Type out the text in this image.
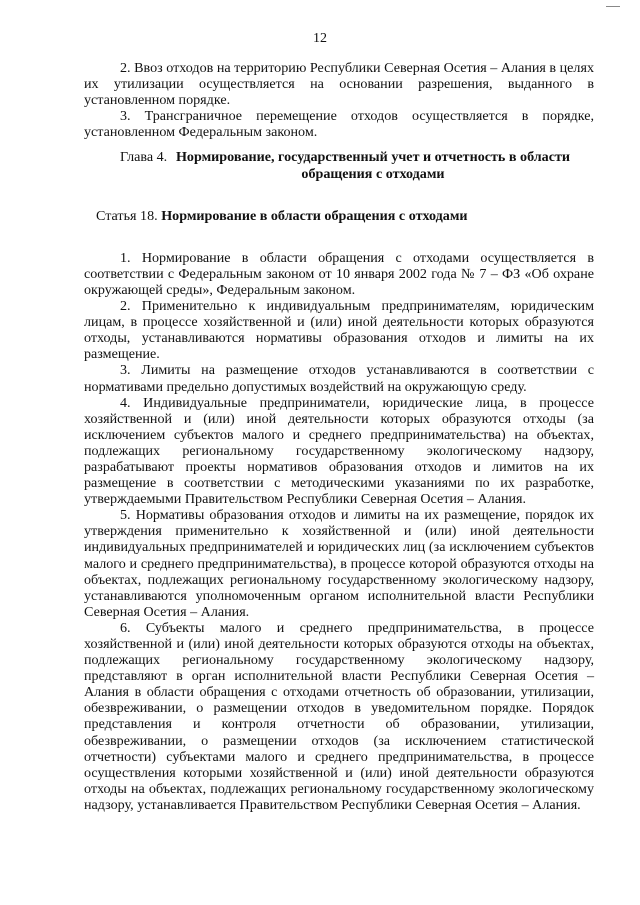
12

2. Ввоз отходов на территорию Республики Северная Осетия – Алания в целях их утилизации осуществляется на основании разрешения, выданного в установленном порядке.

3. Трансграничное перемещение отходов осуществляется в порядке, установленном Федеральным законом.

Глава 4. Нормирование, государственный учет и отчетность в области обращения с отходами

Статья 18. Нормирование в области обращения с отходами

1. Нормирование в области обращения с отходами осуществляется в соответствии с Федеральным законом от 10 января 2002 года № 7 – ФЗ «Об охране окружающей среды», Федеральным законом.

2. Применительно к индивидуальным предпринимателям, юридическим лицам, в процессе хозяйственной и (или) иной деятельности которых образуются отходы, устанавливаются нормативы образования отходов и лимиты на их размещение.

3. Лимиты на размещение отходов устанавливаются в соответствии с нормативами предельно допустимых воздействий на окружающую среду.

4. Индивидуальные предприниматели, юридические лица, в процессе хозяйственной и (или) иной деятельности которых образуются отходы (за исключением субъектов малого и среднего предпринимательства) на объектах, подлежащих региональному государственному экологическому надзору, разрабатывают проекты нормативов образования отходов и лимитов на их размещение в соответствии с методическими указаниями по их разработке, утверждаемыми Правительством Республики Северная Осетия – Алания.

5. Нормативы образования отходов и лимиты на их размещение, порядок их утверждения применительно к хозяйственной и (или) иной деятельности индивидуальных предпринимателей и юридических лиц (за исключением субъектов малого и среднего предпринимательства), в процессе которой образуются отходы на объектах, подлежащих региональному государственному экологическому надзору, устанавливаются уполномоченным органом исполнительной власти Республики Северная Осетия – Алания.

6. Субъекты малого и среднего предпринимательства, в процессе хозяйственной и (или) иной деятельности которых образуются отходы на объектах, подлежащих региональному государственному экологическому надзору, представляют в орган исполнительной власти Республики Северная Осетия – Алания в области обращения с отходами отчетность об образовании, утилизации, обезвреживании, о размещении отходов в уведомительном порядке. Порядок представления и контроля отчетности об образовании, утилизации, обезвреживании, о размещении отходов (за исключением статистической отчетности) субъектами малого и среднего предпринимательства, в процессе осуществления которыми хозяйственной и (или) иной деятельности образуются отходы на объектах, подлежащих региональному государственному экологическому надзору, устанавливается Правительством Республики Северная Осетия – Алания.
